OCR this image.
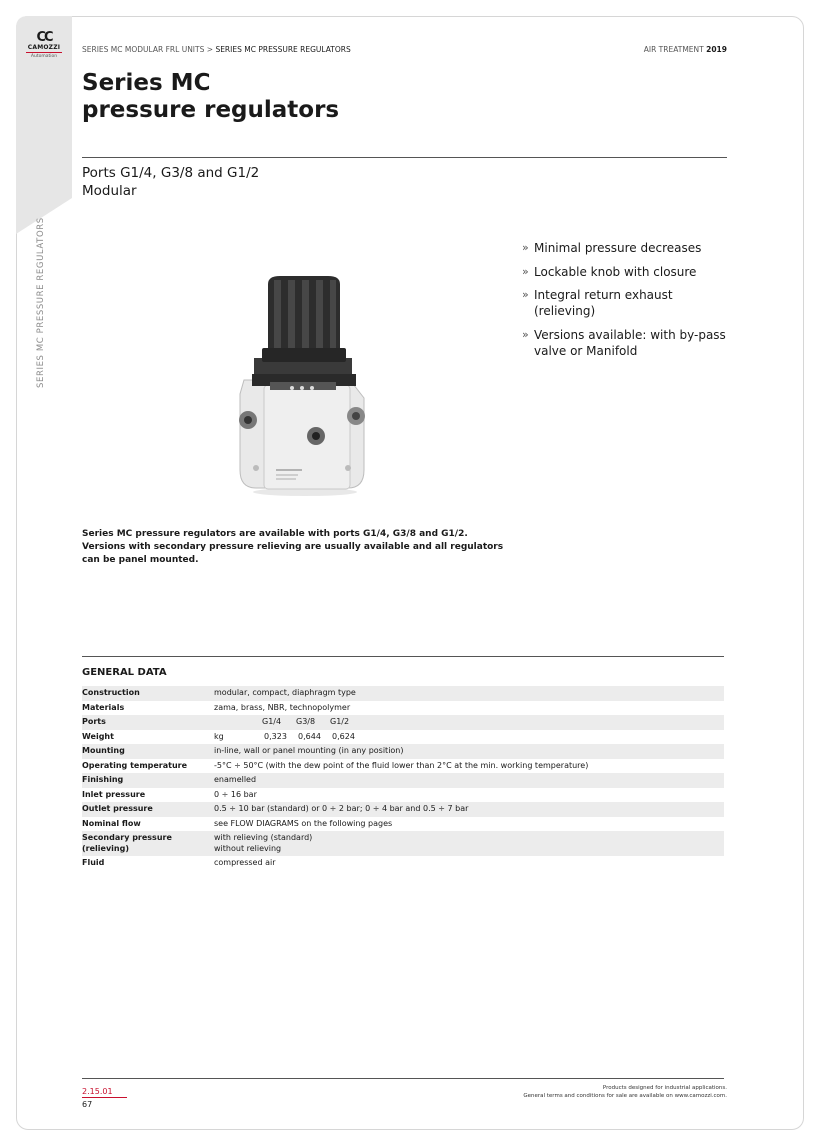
CC
CAMOZZI
Automation
SERIES MC PRESSURE REGULATORS
SERIES MC MODULAR FRL UNITS > SERIES MC PRESSURE REGULATORS	AIR TREATMENT 2019
Series MC
pressure regulators
Ports G1/4, G3/8 and G1/2
Modular
» Minimal pressure decreases
» Lockable knob with closure
» Integral return exhaust (relieving)
» Versions available: with by-pass valve or Manifold
Series MC pressure regulators are available with ports G1/4, G3/8 and G1/2. Versions with secondary pressure relieving are usually available and all regulators can be panel mounted.
GENERAL DATA
Construction	modular, compact, diaphragm type
Materials	zama, brass, NBR, technopolymer
Ports	G1/4 G3/8 G1/2
Weight	kg 0,323 0,644 0,624
Mounting	in-line, wall or panel mounting (in any position)
Operating temperature	-5°C ÷ 50°C (with the dew point of the fluid lower than 2°C at the min. working temperature)
Finishing	enamelled
Inlet pressure	0 ÷ 16 bar
Outlet pressure	0.5 ÷ 10 bar (standard) or 0 ÷ 2 bar; 0 ÷ 4 bar and 0.5 ÷ 7 bar
Nominal flow	see FLOW DIAGRAMS on the following pages
Secondary pressure (relieving)	with relieving (standard)
without relieving

Fluid	compressed air
2.15.01
67
Products designed for industrial applications.
General terms and conditions for sale are available on www.camozzi.com.
